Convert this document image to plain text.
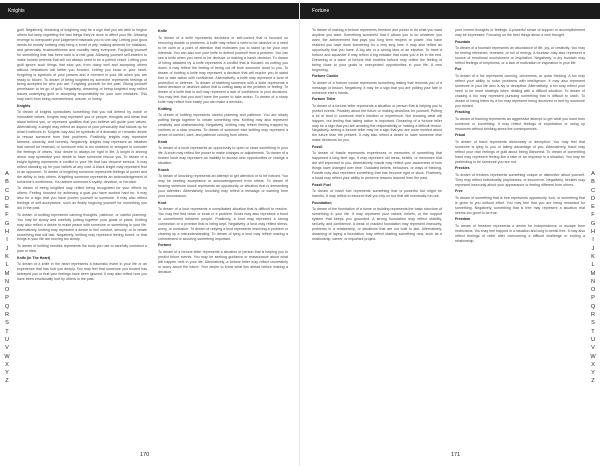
Knights

guilt. Negatively, dreaming of knighting may be a sign that you are able to forgive others but keep regretting the bad things they've done to affect your life. Allowing revenge to overpower your judgement misleads you to one day. Letting your good deeds be mostly noticing may bring a burst of pity, making amends for mistakes, and generosity, trustworthiness and morality rising everyone. Forgiving yourself for something that has been said is a real goal. Allowing yourself self-esteem to make honest amends that will not always need to be a perfect result. Letting your guilt ignore such things that stop you from doing well and accepting others without hesitations will better you forward. Letting you know in your heart. Knighting is symbolic of your powers and a moment in your life when you are ready to bloom. To dream of being knighted by someone represents feelings of being accepted for who you are. Forgiving yourself for the past. Giving yourself permission to let go of guilt. Negatively, dreaming of being knighted may reflect issues underlying guilt or accepting responsibility for your own mistakes. This may stem from being overwhelmed, unsure, or lonely.

Knights

To dream of knights symbolizes something that you will defend by noble or honorable values. Knights may represent you or people, thoughts and ideas that stand behind you, or represent qualities that you believe will guide your values. Alternatively, a knight may reflect an aspect of your personality that stands up for what it believes in. Knights may also be symbolic of a dramatic or romantic desire to rescue someone from their problems. Positively, knights may represent fairness, sincerity, and honesty. Negatively, knights may represent an idealism that cannot be reached, or someone who is too stubborn or arrogant to consider the feelings of others. Your desire to always be right in life. A knight in shining armor may symbolize your desire to have someone rescue you. To dream of a knight fighting represents a conflict in your life that has become serious. It may reflect standing up for your beliefs at any cost. A black knight may represent fear or an opponent. To dream of knighting someone represents feelings of power and the ability to help others. Knighting someone represents an acknowledgement of someone's worthiness. You admire someone's loyalty, devotion, or heroism.

To dream of being knighted may reflect being recognized for your efforts by others. Feeling honored for achieving a goal you have worked hard for. It may also be a sign that you have proven yourself to someone. It may also reflect feelings of self-acceptance, such as finally forgiving yourself for something you did in the past.

To dream of knitting represents calming thoughts, patience, or careful planning. You may be slowly and carefully putting together your goals or plans. Knitting may also reflect a desire to make peace with someone or something in your life. Alternatively, knitting may represent a desire to feel comfort, security, or to create something that will last. Negatively, knitting may represent feeling bored, or that things in your life are moving too slowly.

To dream of knitting needles represents the tools you use to carefully construct a plan or idea.

Knife (in The Heart)

To dream of a knife in the heart represents a traumatic event in your life or an experience that has hurt you deeply. You may feel that someone you trusted has betrayed you or that your feelings have been ignored. It may also reflect how you have been emotionally hurt by others in the past.

Knife

To dream of a knife represents decisions or self-control that is focused on removing doubts or problems. A knife may reflect a need to be decisive or a need to be calm or a point of attention that motivates you to stand up for your own interests. You can also use your knife to defend yourself from a problem. You can see a knife when you need to be decisive or making a harsh decision. To dream of being attacked by a knife represents a conflict that is focused on cutting you down. It may reflect the feeling of being cut off from someone close to you. To dream of holding a knife may represent a decision that will require you to stand firm or take action with confidence. Alternatively, a knife may represent a form of protection or defense. To dream of stabbing someone with a knife represents a harsh decision or decisive action that is cutting away at the problem or feeling. To dream of a knife that is dull may represent a lack of confidence in your decisions. You may feel that you don't have the power to take action. To dream of a sharp knife may reflect how easily you can make a decision.

Knitting

To dream of knitting represents careful planning and patience. You are slowly putting things together to create something new. Knitting may also represent creativity and craftsmanship. Negatively, knitting may reflect feeling trapped by routines or a slow process. To dream of someone else knitting may represent a sense of comfort, care, and patience coming from others.

Knob

To dream of a knob represents an opportunity to open or close something in your life. A knob may reflect the power to make changes or adjustments. To dream of a broken knob may represent an inability to access new opportunities or change a situation.

Knock

To dream of knocking represents an attempt to get attention or to be noticed. You may be seeking acceptance or acknowledgement from others. To dream of hearing someone knock represents an opportunity or situation that is demanding your attention. Alternatively, knocking may reflect a message or warning from your unconscious.

Knot

To dream of a knot represents a complicated situation that is difficult to resolve. You may feel tied down or stuck in a problem. Knots may also represent a bond or commitment between people. Positively, a knot may represent a strong connection or a promise that is being kept. Negatively, a knot may reflect stress, worry, or confusion. To dream of untying a knot represents resolving a problem or clearing up a misunderstanding. To dream of tying a knot may reflect making a commitment or securing something important.

Fortune

To dream of a fortune teller represents a situation or person that is helping you to predict future events. You may be seeking guidance or reassurance about what will happen next in your life. Alternatively, a fortune teller may reflect uncertainty or worry about the future. Your desire to know what lies ahead before making a decision.

A
B
C
D
E
F
G
H
I
J
K
L
M
N
O
P
Q
R
S
T
U
V
W
X
Y
Z
170
Fortune

To dream of making a fortune represents freedom and power to do what you want anytime you want. Something wonderful that it allows you to do whatever you want, the achievement that pays you long term respect or power. You have realized you have done something for a very long time. It may also reflect an opportunity that you have. A big win or a strong idea or an election. To have a fortune and squander it may reflect a big mistake that costs you a lot in the end. Dreaming of a wave of fortune that enables fortune may reflect the feeling of being close to your goals or unexpected opportunities in your life. A new beginning.

Fortune Cookie

To dream of a fortune cookie represents something lasting that reminds you of a message or lesson. Negatively, it may be a sign that you are putting your fate in someone else's hands.

Fortune Teller

To dream of a fortune teller represents a situation or person that is helping you to predict events. Possibly about the future or making decisions for yourself. Putting a lot of trust in someone else's intuition or experience. Not knowing what will happen, but feeling that taking action is important. Dreaming of a fortune teller may be a sign that you are avoiding the responsibility or making a difficult choice. Negatively, seeing a fortune teller may be a sign that you are more worried about the future than the present. It may also reflect a desire to have someone else make decisions for you.

Fossil

To dream of fossils represents experiences or memories of something that happened a long time ago. It may represent old ideas, beliefs, or memories that are still important to you. Alternatively, fossils may reflect your awareness of how things have changed over time. Outdated beliefs, behaviors, or ways of thinking. Fossils may also represent something that has become rigid or stuck. Positively, a fossil may reflect your ability to preserve lessons learned from the past.

Fossil Fuel

To dream of fossil fuel represents something that is powerful but might be harmful. It may reflect a resource that you rely on but that will eventually run out.

Foundation

To dream of the foundation of a home or building represents the basic structure of something in your life. It may represent your values, beliefs, or the support system that keeps you grounded. A strong foundation may reflect stability, security, and confidence. A weak or cracked foundation may represent insecurity, problems in a relationship, or situations that are not built to last. Alternatively, dreaming of laying a foundation may reflect starting something new, such as a relationship, career, or important project.

your current thoughts or feelings. A powerful sense of support or accomplishment may be expressed. Focusing on the best things about a new thought.

Fountain

To dream of a fountain represents an abundance of life, joy, or creativity. You may be feeling refreshed, renewed, or full of energy. A fountain may also represent a source of emotional nourishment or inspiration. Negatively, a dry fountain may reflect feelings of emptiness, or a lack of motivation or inspiration in your life.

Fox

To dream of a fox represents cunning, cleverness, or quick thinking. A fox may reflect your ability to solve problems with intelligence. It may also represent someone in your life who is sly or deceptive. Alternatively, a fox may reflect your need to be more strategic when dealing with a difficult situation. To dream of chasing a fox may represent pursuing something that is difficult to catch. To dream of being bitten by a fox may represent being deceived or hurt by someone you trusted.

Fracking

To dream of fracking represents an aggressive attempt to get what you want from someone or something. It may reflect feelings of exploitation or using up resources without thinking about the consequences.

Fraud

To dream of fraud represents dishonesty or deception. You may feel that someone is lying to you or taking advantage of you. Alternatively, fraud may reflect your own feelings of guilt about being dishonest. To dream of committing fraud may represent feeling like a fake or an impostor in a situation. You may be pretending to be someone you are not.

Freckles

To dream of freckles represents something unique or distinctive about yourself. They may reflect individuality, playfulness, or innocence. Negatively, freckles may represent insecurity about your appearance or feeling different from others.

Free

To dream of something that is free represents opportunity, luck, or something that is given to you without effort. You may feel that you are being rewarded for something. Negatively, something that is free may represent a situation that seems too good to be true.

Freedom

To dream of freedom represents a desire for independence or escape from restrictions. You may feel trapped in a situation and long to break free. It may also reflect feelings of relief after overcoming a difficult challenge or ending a relationship.

A
B
C
D
E
F
G
H
I
J
K
L
M
N
O
P
Q
R
S
T
U
V
W
X
Y
Z
171
